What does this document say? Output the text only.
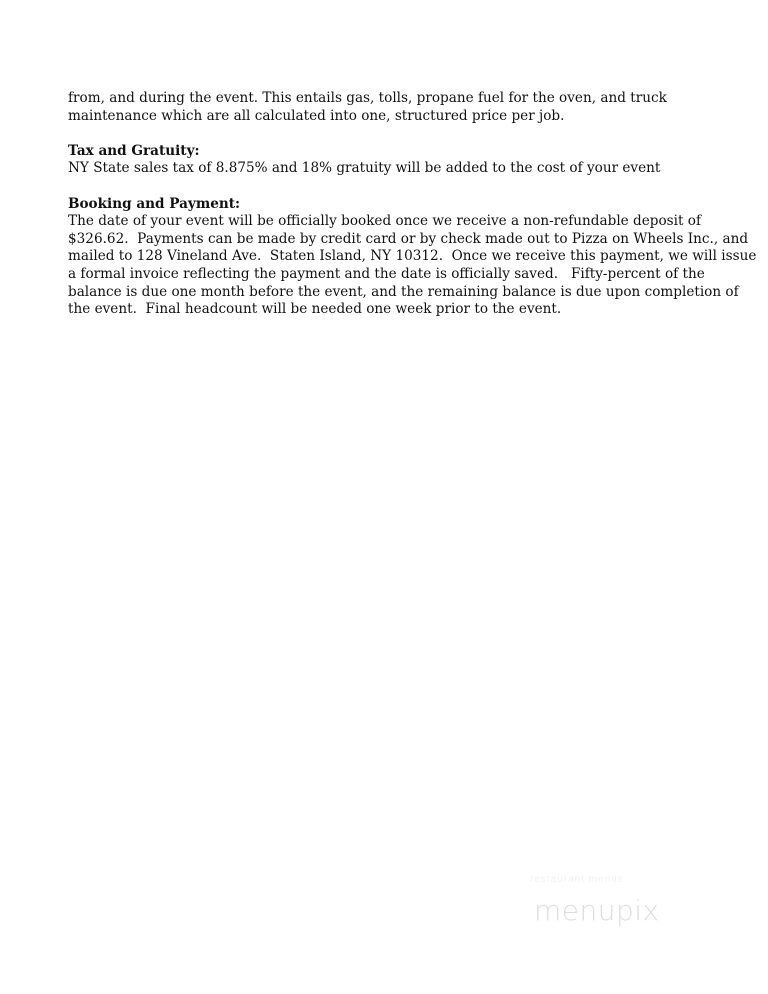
from, and during the event. This entails gas, tolls, propane fuel for the oven, and truck
maintenance which are all calculated into one, structured price per job.
Tax and Gratuity:
NY State sales tax of 8.875% and 18% gratuity will be added to the cost of your event
Booking and Payment:
The date of your event will be officially booked once we receive a non-refundable deposit of
$326.62.  Payments can be made by credit card or by check made out to Pizza on Wheels Inc., and
mailed to 128 Vineland Ave.  Staten Island, NY 10312.  Once we receive this payment, we will issue
a formal invoice reflecting the payment and the date is officially saved.   Fifty-percent of the
balance is due one month before the event, and the remaining balance is due upon completion of
the event.  Final headcount will be needed one week prior to the event.
restaurant menus
menupix
